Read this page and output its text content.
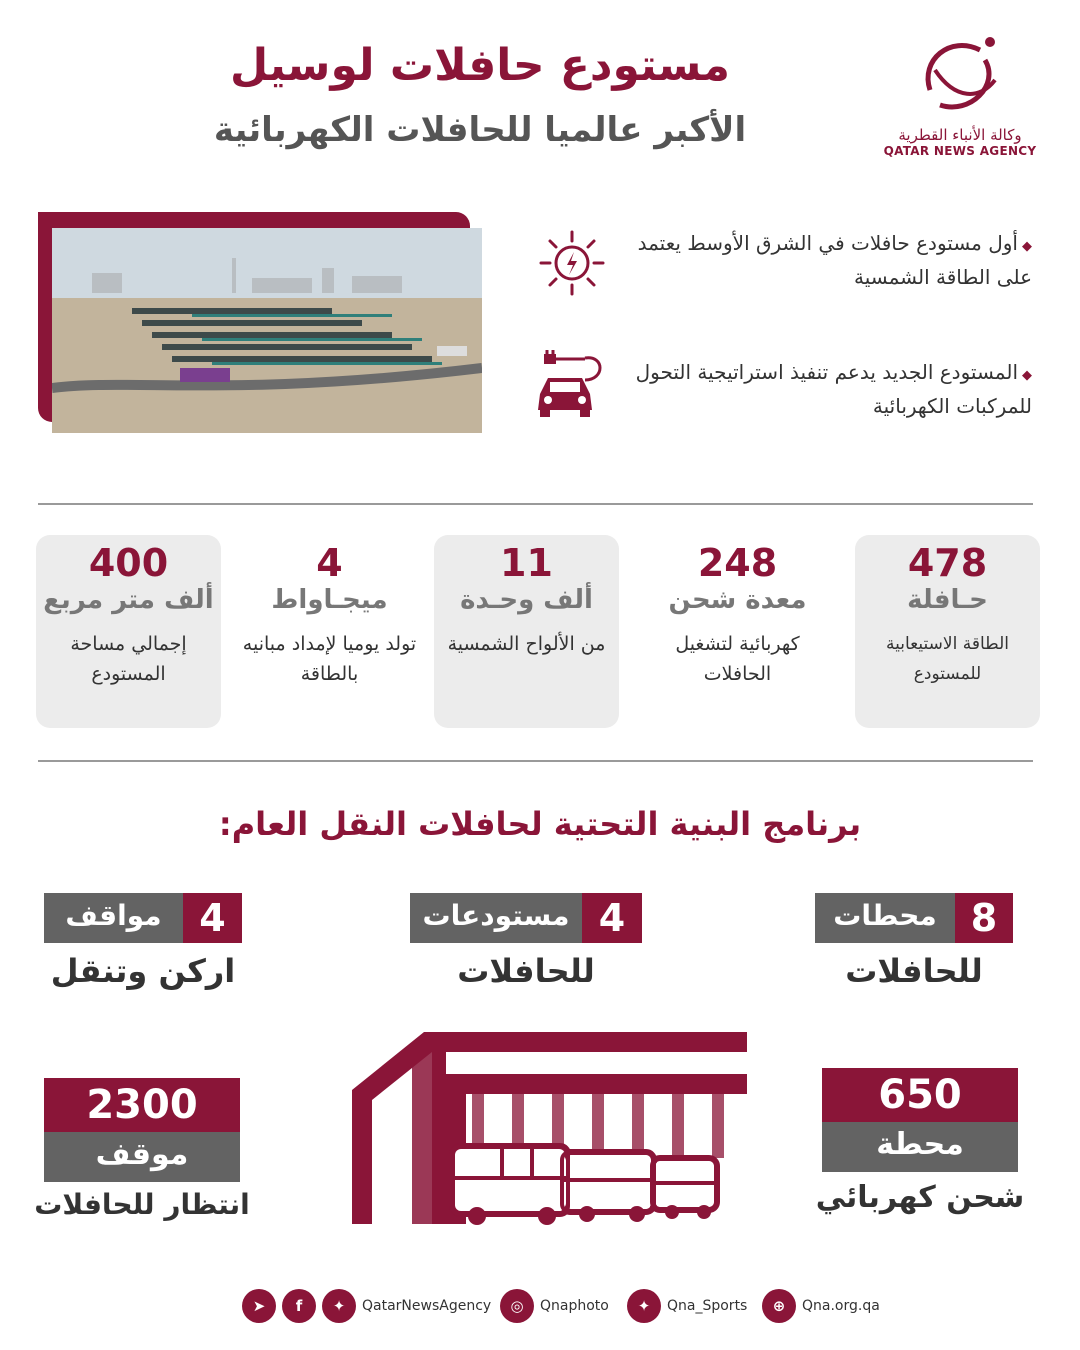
مستودع حافلات لوسيل
الأكبر عالميا للحافلات الكهربائية	وكالة الأنباء القطرية
QATAR NEWS AGENCY
◆أول مستودع حافلات في الشرق الأوسط يعتمد على الطاقة الشمسية
◆المستودع الجديد يدعم تنفيذ استراتيجية التحول للمركبات الكهربائية
478
حـافلة
الطاقة الاستيعابية للمستودع
248
معدة شحن
كهربائية لتشغيل الحافلات
11
ألف وحـدة
من الألواح الشمسية
4
ميجـاواط
تولد يوميا لإمداد مبانيه بالطاقة
400
ألف متر مربع
إجمالي مساحة المستودع
برنامج البنية التحتية لحافلات النقل العام:
8
محطات
للحافلات
4
مستودعات
للحافلات
4
مواقف
اركن وتنقل
650
محطة
شحن كهربائي
2300
موقف
انتظار للحافلات
➤	f	✦	QatarNewsAgency	◎	Qnaphoto	✦	Qna_Sports	⊕	Qna.org.qa
